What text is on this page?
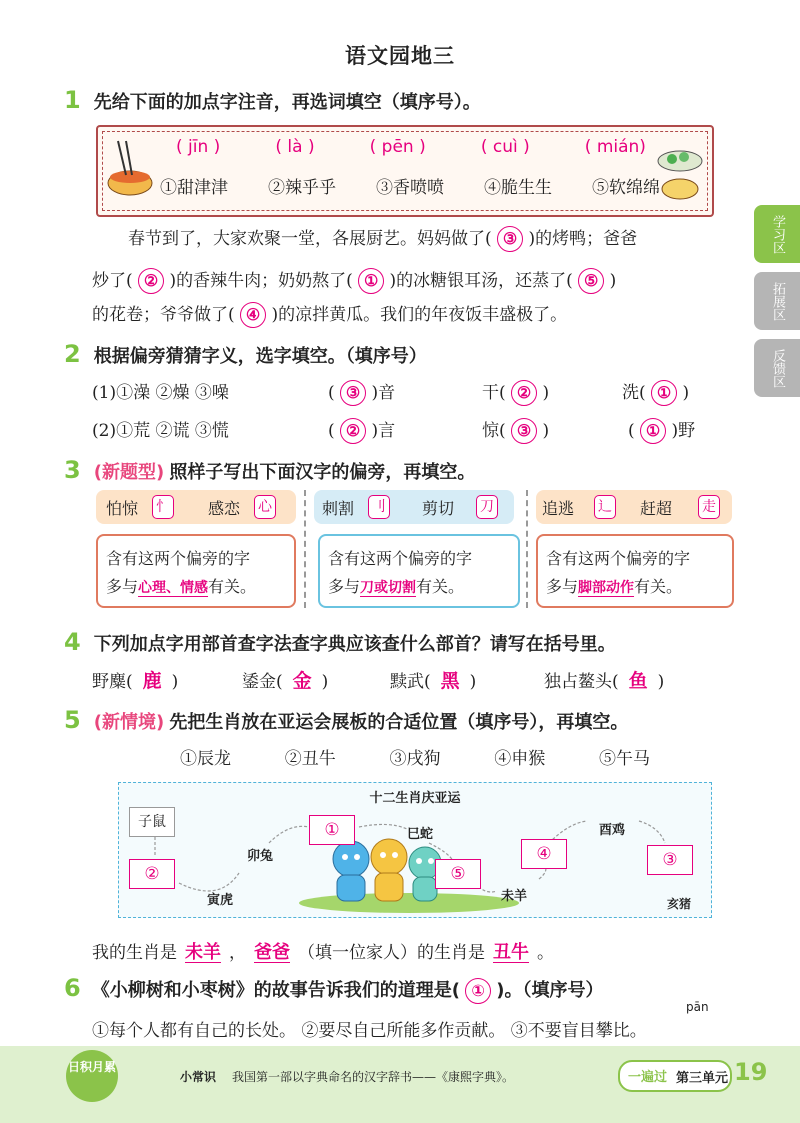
语文园地三
学习区
拓展区
反馈区
1 先给下面的加点字注音，再选词填空（填序号）。
( jīn )	( là )	( pēn )	( cuì )	( mián)
①甜津津 ②辣乎乎 ③香喷喷 ④脆生生 ⑤软绵绵
春节到了，大家欢聚一堂，各展厨艺。妈妈做了( ③ )的烤鸭；爸爸
炒了( ② )的香辣牛肉；奶奶熬了( ① )的冰糖银耳汤，还蒸了( ⑤ )
的花卷；爷爷做了( ④ )的凉拌黄瓜。我们的年夜饭丰盛极了。
2 根据偏旁猜猜字义，选字填空。（填序号）
(1)①澡 ②燥 ③噪	( ③ )音	干( ② )	洗( ① )
(2)①荒 ②谎 ③慌	( ② )言	惊( ③ )	( ① )野
3 (新题型) 照样子写出下面汉字的偏旁，再填空。
怕惊 忄 感恋 心
含有这两个偏旁的字
多与心理、情感有关。
刺割 刂 剪切 刀
含有这两个偏旁的字
多与刀或切割有关。
追逃 辶 赶超 走
含有这两个偏旁的字
多与脚部动作有关。
4 下列加点字用部首查字法查字典应该查什么部首？请写在括号里。
野麋( 鹿 )	鋈金( 金 )	黩武( 黑 )	独占鳌头( 鱼 )
5 (新情境) 先把生肖放在亚运会展板的合适位置（填序号），再填空。
①辰龙	②丑牛	③戌狗	④申猴	⑤午马
十二生肖庆亚运
子鼠
②
寅虎
卯兔
①	巳蛇
⑤
未羊
④
酉鸡
③
亥猪
我的生肖是 未羊 ， 爸爸 （填一位家人）的生肖是 丑牛 。
6 《小柳树和小枣树》的故事告诉我们的道理是( ① )。（填序号）
pān
①每个人都有自己的长处。 ②要尽自己所能多作贡献。 ③不要盲目攀比。
日积月累
小常识 我国第一部以字典命名的汉字辞书——《康熙字典》。	一遍过 第三单元 19
